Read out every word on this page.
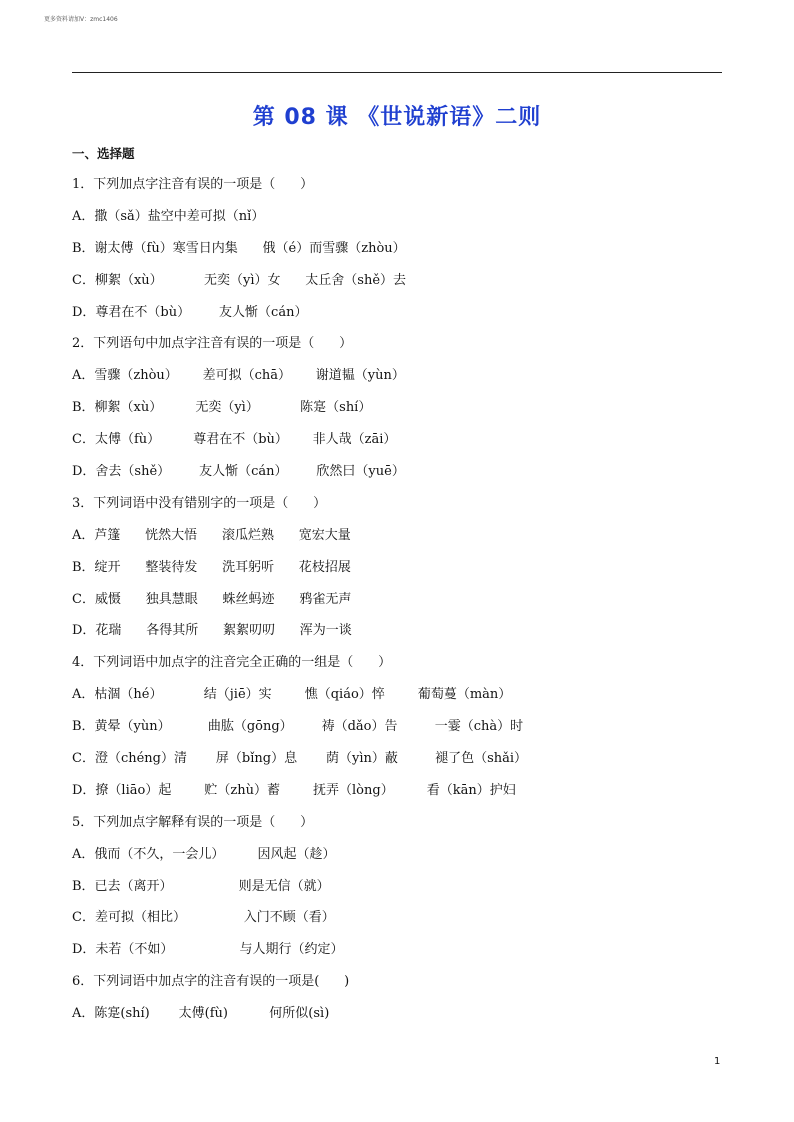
更多资料请加V：zmc1406
第 08 课 《世说新语》二则
一、选择题
1．下列加点字注音有误的一项是（      ）
A．撒（sǎ）盐空中差可拟（nǐ）
B．谢太傅（fù）寒雪日内集      俄（é）而雪骤（zhòu）
C．柳絮（xù）          无奕（yì）女      太丘舍（shě）去
D．尊君在不（bù）       友人惭（cán）
2．下列语句中加点字注音有误的一项是（      ）
A．雪骤（zhòu）      差可拟（chā）      谢道韫（yùn）
B．柳絮（xù）        无奕（yì）          陈寔（shí）
C．太傅（fù）        尊君在不（bù）      非人哉（zāi）
D．舍去（shě）       友人惭（cán）       欣然曰（yuē）
3．下列词语中没有错别字的一项是（      ）
A．芦篷      恍然大悟      滚瓜烂熟      宽宏大量
B．绽开      整装待发      洗耳躬听      花枝招展
C．威慑      独具慧眼      蛛丝蚂迹      鸦雀无声
D．花瑞      各得其所      絮絮叨叨      浑为一谈
4．下列词语中加点字的注音完全正确的一组是（      ）
A．枯涸（hé）          结（jiē）实        憔（qiáo）悴        葡萄蔓（màn）
B．黄晕（yùn）         曲肱（gōng）       祷（dǎo）告         一霎（chà）时
C．澄（chéng）清       屏（bǐng）息       荫（yìn）蔽         褪了色（shǎi）
D．撩（liāo）起        贮（zhù）蓄        抚弄（lòng）        看（kān）护妇
5．下列加点字解释有误的一项是（      ）
A．俄而（不久，一会儿）        因风起（趁）
B．已去（离开）                则是无信（就）
C．差可拟（相比）              入门不顾（看）
D．未若（不如）                与人期行（约定）
6．下列词语中加点字的注音有误的一项是(      )
A．陈寔(shí)       太傅(fù)          何所似(sì)
1
